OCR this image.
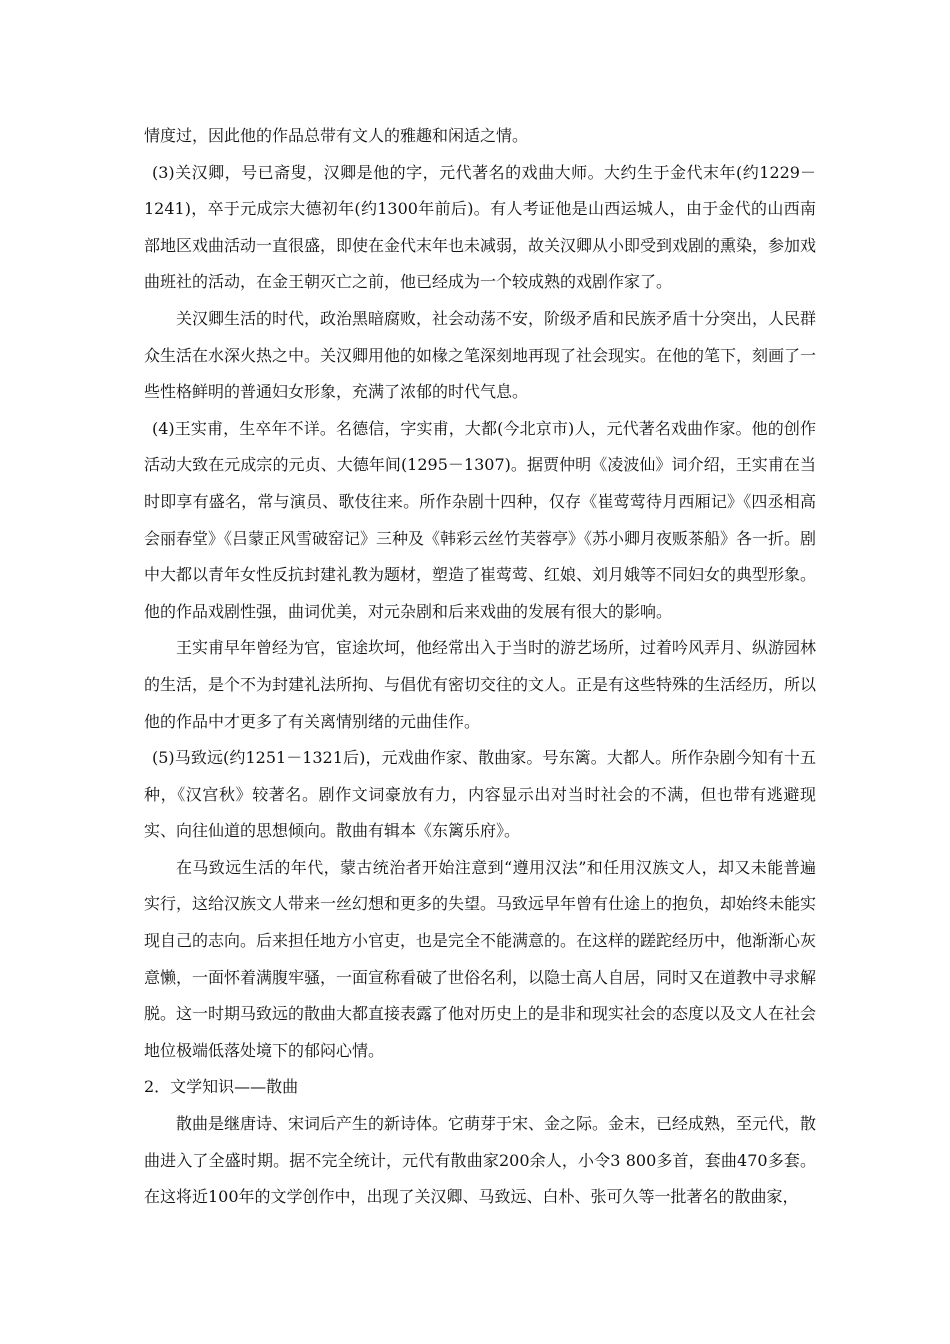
情度过，因此他的作品总带有文人的雅趣和闲适之情。

(3)关汉卿，号已斋叟，汉卿是他的字，元代著名的戏曲大师。大约生于金代末年(约1229－1241)，卒于元成宗大德初年(约1300年前后)。有人考证他是山西运城人，由于金代的山西南部地区戏曲活动一直很盛，即使在金代末年也未减弱，故关汉卿从小即受到戏剧的熏染，参加戏曲班社的活动，在金王朝灭亡之前，他已经成为一个较成熟的戏剧作家了。

关汉卿生活的时代，政治黑暗腐败，社会动荡不安，阶级矛盾和民族矛盾十分突出，人民群众生活在水深火热之中。关汉卿用他的如椽之笔深刻地再现了社会现实。在他的笔下，刻画了一些性格鲜明的普通妇女形象，充满了浓郁的时代气息。

(4)王实甫，生卒年不详。名德信，字实甫，大都(今北京市)人，元代著名戏曲作家。他的创作活动大致在元成宗的元贞、大德年间(1295－1307)。据贾仲明《凌波仙》词介绍，王实甫在当时即享有盛名，常与演员、歌伎往来。所作杂剧十四种，仅存《崔莺莺待月西厢记》《四丞相高会丽春堂》《吕蒙正风雪破窑记》三种及《韩彩云丝竹芙蓉亭》《苏小卿月夜贩茶船》各一折。剧中大都以青年女性反抗封建礼教为题材，塑造了崔莺莺、红娘、刘月娥等不同妇女的典型形象。他的作品戏剧性强，曲词优美，对元杂剧和后来戏曲的发展有很大的影响。

王实甫早年曾经为官，宦途坎坷，他经常出入于当时的游艺场所，过着吟风弄月、纵游园林的生活，是个不为封建礼法所拘、与倡优有密切交往的文人。正是有这些特殊的生活经历，所以他的作品中才更多了有关离情别绪的元曲佳作。

(5)马致远(约1251－1321后)，元戏曲作家、散曲家。号东篱。大都人。所作杂剧今知有十五种，《汉宫秋》较著名。剧作文词豪放有力，内容显示出对当时社会的不满，但也带有逃避现实、向往仙道的思想倾向。散曲有辑本《东篱乐府》。

在马致远生活的年代，蒙古统治者开始注意到“遵用汉法”和任用汉族文人，却又未能普遍实行，这给汉族文人带来一丝幻想和更多的失望。马致远早年曾有仕途上的抱负，却始终未能实现自己的志向。后来担任地方小官吏，也是完全不能满意的。在这样的蹉跎经历中，他渐渐心灰意懒，一面怀着满腹牢骚，一面宣称看破了世俗名利，以隐士高人自居，同时又在道教中寻求解脱。这一时期马致远的散曲大都直接表露了他对历史上的是非和现实社会的态度以及文人在社会地位极端低落处境下的郁闷心情。

2．文学知识——散曲

散曲是继唐诗、宋词后产生的新诗体。它萌芽于宋、金之际。金末，已经成熟，至元代，散曲进入了全盛时期。据不完全统计，元代有散曲家200余人，小令3 800多首，套曲470多套。在这将近100年的文学创作中，出现了关汉卿、马致远、白朴、张可久等一批著名的散曲家，
